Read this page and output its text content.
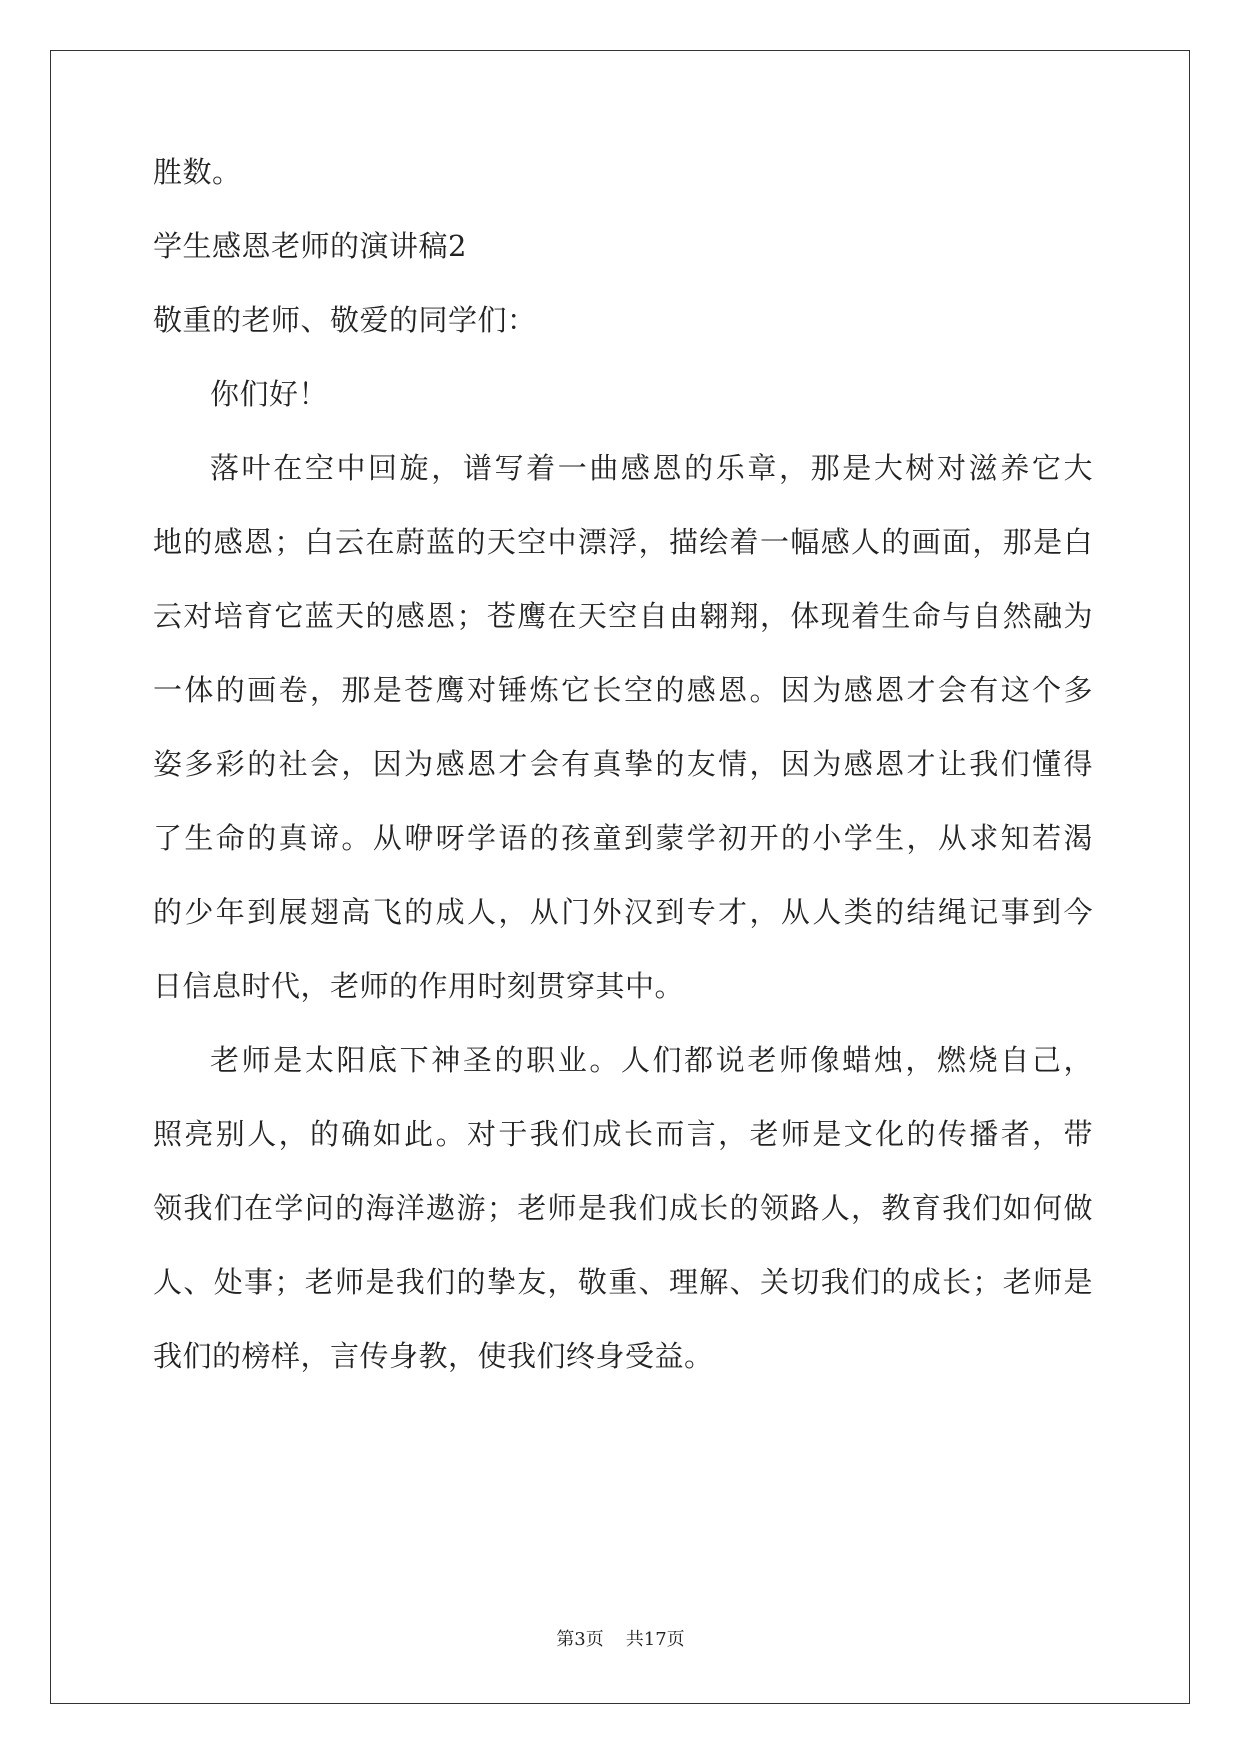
胜数。
学生感恩老师的演讲稿2
敬重的老师、敬爱的同学们：
你们好！
落叶在空中回旋，谱写着一曲感恩的乐章，那是大树对滋养它大
地的感恩；白云在蔚蓝的天空中漂浮，描绘着一幅感人的画面，那是白
云对培育它蓝天的感恩；苍鹰在天空自由翱翔，体现着生命与自然融为
一体的画卷，那是苍鹰对锤炼它长空的感恩。因为感恩才会有这个多
姿多彩的社会，因为感恩才会有真挚的友情，因为感恩才让我们懂得
了生命的真谛。从咿呀学语的孩童到蒙学初开的小学生，从求知若渴
的少年到展翅高飞的成人，从门外汉到专才，从人类的结绳记事到今
日信息时代，老师的作用时刻贯穿其中。
老师是太阳底下神圣的职业。人们都说老师像蜡烛，燃烧自己，
照亮别人，的确如此。对于我们成长而言，老师是文化的传播者，带
领我们在学问的海洋遨游；老师是我们成长的领路人，教育我们如何做
人、处事；老师是我们的挚友，敬重、理解、关切我们的成长；老师是
我们的榜样，言传身教，使我们终身受益。
第3页 共17页
